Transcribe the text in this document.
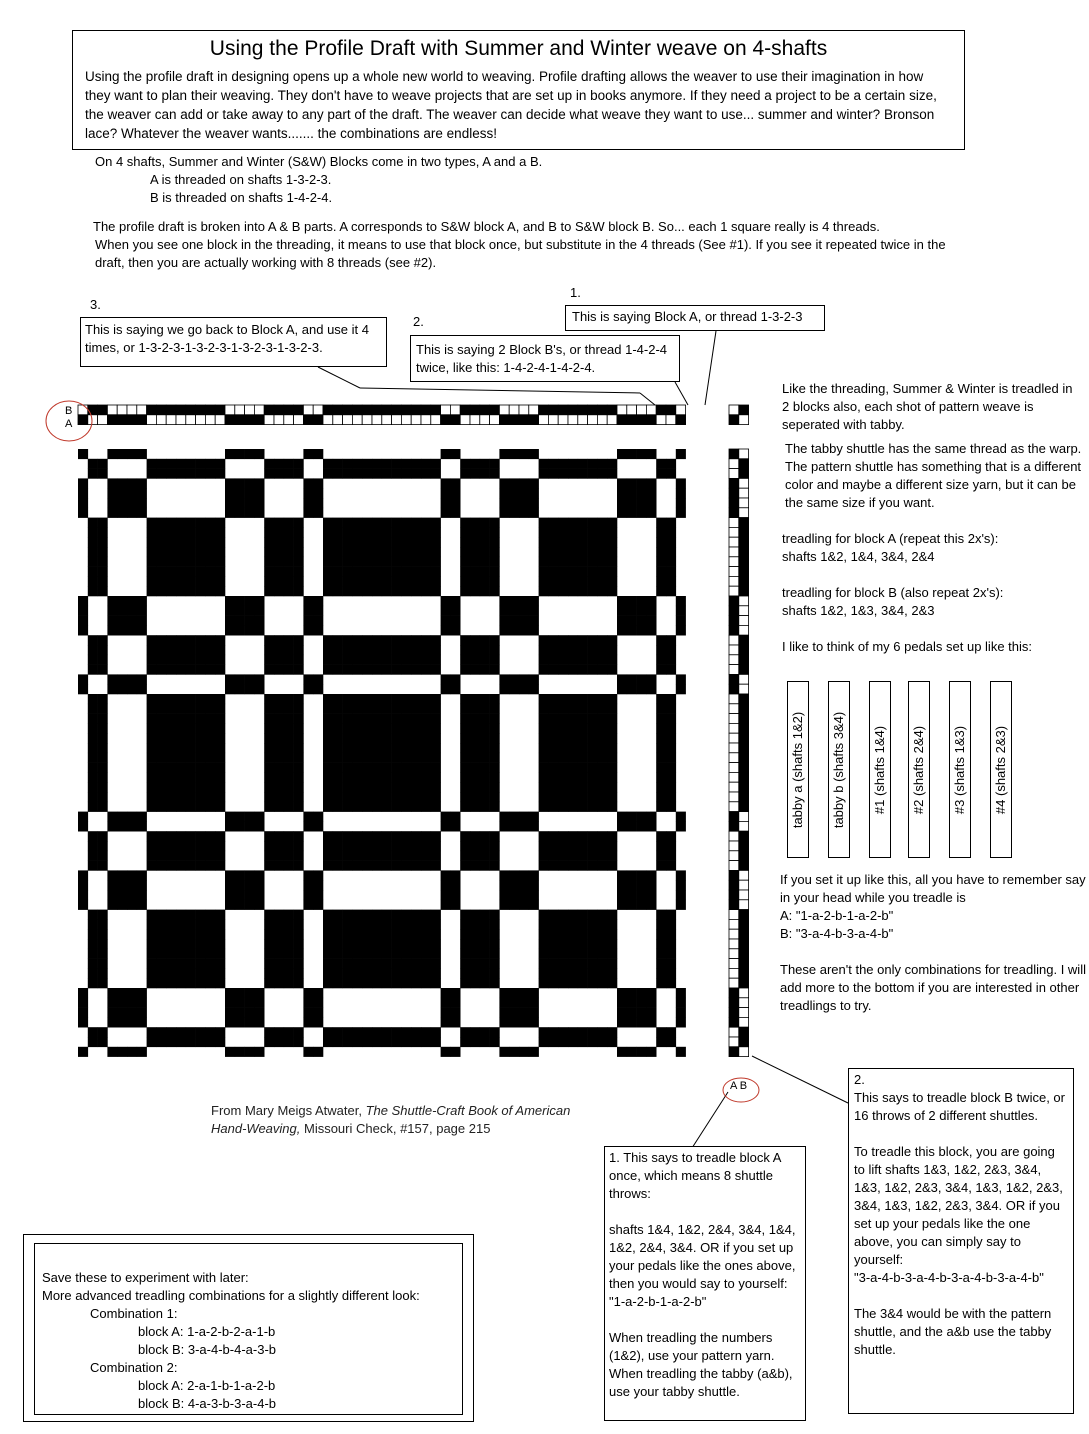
Using the Profile Draft with Summer and Winter weave on 4-shafts
Using the profile draft in designing opens up a whole new world to weaving. Profile drafting allows the weaver to use their imagination in how they want to plan their weaving. They don't have to weave projects that are set up in books anymore. If they need a project to be a certain size, the weaver can add or take away to any part of the draft. The weaver can decide what weave they want to use... summer and winter? Bronson lace? Whatever the weaver wants....... the combinations are endless!
On 4 shafts, Summer and Winter (S&W) Blocks come in two types, A and a B.
A is threaded on shafts 1-3-2-3.
B is threaded on shafts 1-4-2-4.
The profile draft is broken into A & B parts. A corresponds to S&W block A, and B to S&W block B. So... each 1 square really is 4 threads.
When you see one block in the threading, it means to use that block once, but substitute in the 4 threads (See #1). If you see it repeated twice in the draft, then you are actually working with 8 threads (see #2).
3.
This is saying we go back to Block A, and use it 4 times, or 1-3-2-3-1-3-2-3-1-3-2-3-1-3-2-3.
2.
This is saying 2 Block B's, or thread 1-4-2-4 twice, like this: 1-4-2-4-1-4-2-4.
1.
This is saying Block A, or thread 1-3-2-3
B
A
A B
From Mary Meigs Atwater, The Shuttle-Craft Book of American
Hand-Weaving, Missouri Check, #157, page 215
Like the threading, Summer & Winter is treadled in 2 blocks also, each shot of pattern weave is seperated with tabby.
The tabby shuttle has the same thread as the warp. The pattern shuttle has something that is a different color and maybe a different size yarn, but it can be the same size if you want.
treadling for block A (repeat this 2x's):
shafts 1&2, 1&4, 3&4, 2&4
treadling for block B (also repeat 2x's):
shafts 1&2, 1&3, 3&4, 2&3
I like to think of my 6 pedals set up like this:
tabby a (shafts 1&2) tabby b (shafts 3&4) #1 (shafts 1&4) #2 (shafts 2&4) #3 (shafts 1&3) #4 (shafts 2&3)
If you set it up like this, all you have to remember say in your head while you treadle is
A: "1-a-2-b-1-a-2-b"
B: "3-a-4-b-3-a-4-b"
These aren't the only combinations for treadling. I will add more to the bottom if you are interested in other treadlings to try.
1. This says to treadle block A once, which means 8 shuttle throws:
shafts 1&4, 1&2, 2&4, 3&4, 1&4, 1&2, 2&4, 3&4. OR if you set up your pedals like the ones above, then you would say to yourself:
"1-a-2-b-1-a-2-b"
When treadling the numbers (1&2), use your pattern yarn. When treadling the tabby (a&b), use your tabby shuttle.
2.
This says to treadle block B twice, or 16 throws of 2 different shuttles.
To treadle this block, you are going to lift shafts 1&3, 1&2, 2&3, 3&4, 1&3, 1&2, 2&3, 3&4, 1&3, 1&2, 2&3, 3&4, 1&3, 1&2, 2&3, 3&4. OR if you set up your pedals like the one above, you can simply say to yourself:
"3-a-4-b-3-a-4-b-3-a-4-b-3-a-4-b"
The 3&4 would be with the pattern shuttle, and the a&b use the tabby shuttle.
Save these to experiment with later:
More advanced treadling combinations for a slightly different look:
Combination 1:
block A: 1-a-2-b-2-a-1-b
block B: 3-a-4-b-4-a-3-b
Combination 2:
block A: 2-a-1-b-1-a-2-b
block B: 4-a-3-b-3-a-4-b
